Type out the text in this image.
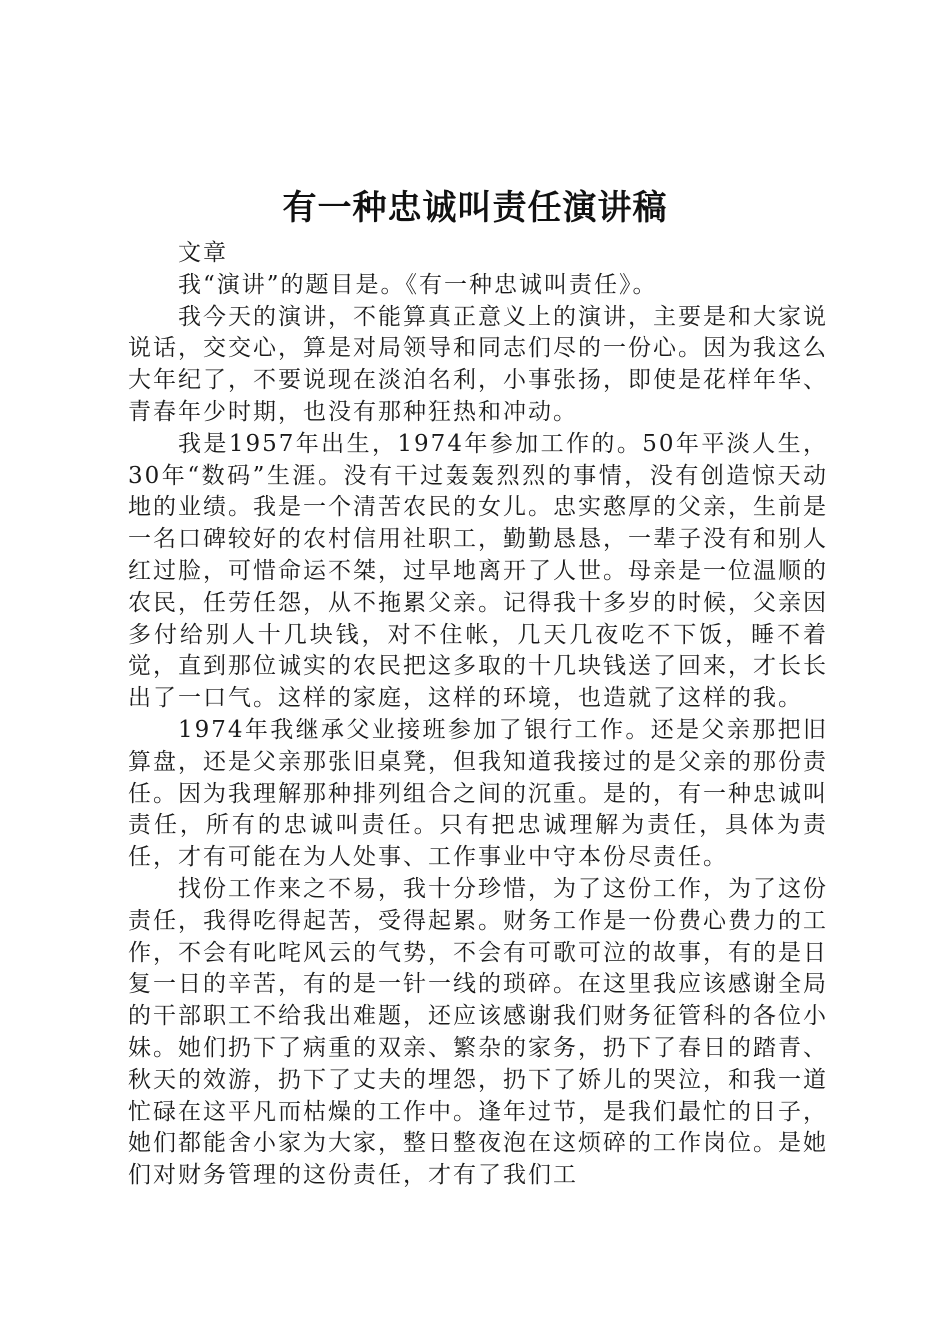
有一种忠诚叫责任演讲稿

文章

我“演讲”的题目是。《有一种忠诚叫责任》。

我今天的演讲，不能算真正意义上的演讲，主要是和大家说说话，交交心，算是对局领导和同志们尽的一份心。因为我这么大年纪了，不要说现在淡泊名利，小事张扬，即使是花样年华、青春年少时期，也没有那种狂热和冲动。

我是1957年出生，1974年参加工作的。50年平淡人生，30年“数码”生涯。没有干过轰轰烈烈的事情，没有创造惊天动地的业绩。我是一个清苦农民的女儿。忠实憨厚的父亲，生前是一名口碑较好的农村信用社职工，勤勤恳恳，一辈子没有和别人红过脸，可惜命运不桀，过早地离开了人世。母亲是一位温顺的农民，任劳任怨，从不拖累父亲。记得我十多岁的时候，父亲因多付给别人十几块钱，对不住帐，几天几夜吃不下饭，睡不着觉，直到那位诚实的农民把这多取的十几块钱送了回来，才长长出了一口气。这样的家庭，这样的环境，也造就了这样的我。

1974年我继承父业接班参加了银行工作。还是父亲那把旧算盘，还是父亲那张旧桌凳，但我知道我接过的是父亲的那份责任。因为我理解那种排列组合之间的沉重。是的，有一种忠诚叫责任，所有的忠诚叫责任。只有把忠诚理解为责任，具体为责任，才有可能在为人处事、工作事业中守本份尽责任。

找份工作来之不易，我十分珍惜，为了这份工作，为了这份责任，我得吃得起苦，受得起累。财务工作是一份费心费力的工作，不会有叱咤风云的气势，不会有可歌可泣的故事，有的是日复一日的辛苦，有的是一针一线的琐碎。在这里我应该感谢全局的干部职工不给我出难题，还应该感谢我们财务征管科的各位小妹。她们扔下了病重的双亲、繁杂的家务，扔下了春日的踏青、秋天的效游，扔下了丈夫的埋怨，扔下了娇儿的哭泣，和我一道忙碌在这平凡而枯燥的工作中。逢年过节，是我们最忙的日子，她们都能舍小家为大家，整日整夜泡在这烦碎的工作岗位。是她们对财务管理的这份责任，才有了我们工
